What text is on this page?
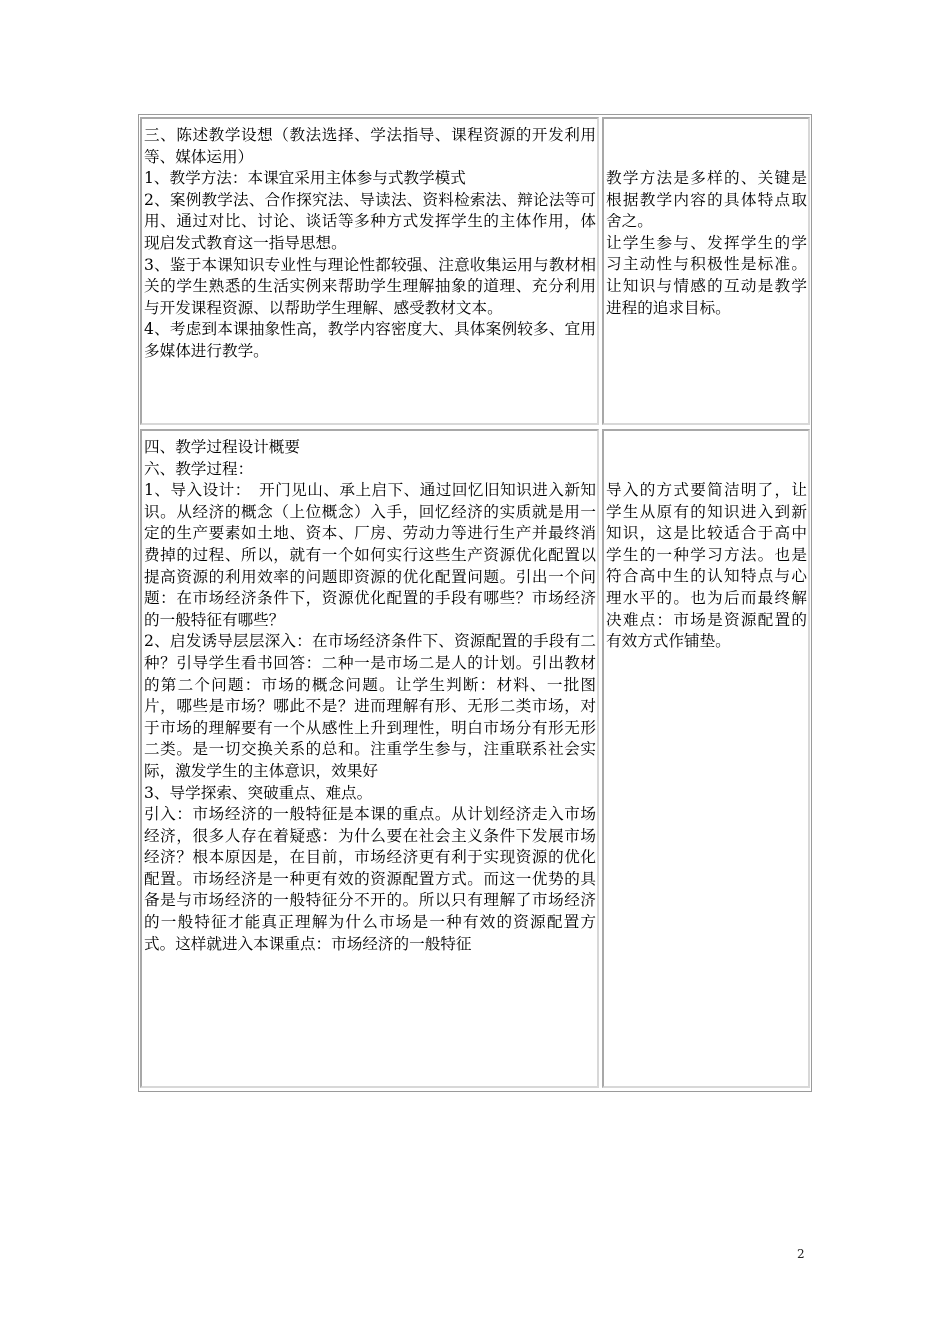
三、陈述教学设想（教法选择、学法指导、课程资源的开发利用等、媒体运用）

1、教学方法：本课宜采用主体参与式教学模式

2、案例教学法、合作探究法、导读法、资料检索法、辩论法等可用、通过对比、讨论、谈话等多种方式发挥学生的主体作用，体现启发式教育这一指导思想。

3、鉴于本课知识专业性与理论性都较强、注意收集运用与教材相关的学生熟悉的生活实例来帮助学生理解抽象的道理、充分利用与开发课程资源、以帮助学生理解、感受教材文本。

4、考虑到本课抽象性高，教学内容密度大、具体案例较多、宜用多媒体进行教学。

教学方法是多样的、关键是根据教学内容的具体特点取舍之。

让学生参与、发挥学生的学习主动性与积极性是标准。让知识与情感的互动是教学进程的追求目标。

四、教学过程设计概要

六、教学过程：

1、导入设计：　开门见山、承上启下、通过回忆旧知识进入新知识。从经济的概念（上位概念）入手，回忆经济的实质就是用一定的生产要素如土地、资本、厂房、劳动力等进行生产并最终消费掉的过程、所以，就有一个如何实行这些生产资源优化配置以提高资源的利用效率的问题即资源的优化配置问题。引出一个问题：在市场经济条件下，资源优化配置的手段有哪些？市场经济的一般特征有哪些？

2、启发诱导层层深入：在市场经济条件下、资源配置的手段有二种？引导学生看书回答：二种一是市场二是人的计划。引出教材的第二个问题：市场的概念问题。让学生判断：材料、一批图片，哪些是市场？哪此不是？进而理解有形、无形二类市场，对于市场的理解要有一个从感性上升到理性，明白市场分有形无形二类。是一切交换关系的总和。注重学生参与，注重联系社会实际，激发学生的主体意识，效果好

3、导学探索、突破重点、难点。

引入：市场经济的一般特征是本课的重点。从计划经济走入市场经济，很多人存在着疑惑：为什么要在社会主义条件下发展市场经济？根本原因是，在目前，市场经济更有利于实现资源的优化配置。市场经济是一种更有效的资源配置方式。而这一优势的具备是与市场经济的一般特征分不开的。所以只有理解了市场经济的一般特征才能真正理解为什么市场是一种有效的资源配置方式。这样就进入本课重点：市场经济的一般特征

导入的方式要简洁明了，让学生从原有的知识进入到新知识，这是比较适合于高中学生的一种学习方法。也是符合高中生的认知特点与心理水平的。也为后而最终解决难点：市场是资源配置的有效方式作铺垫。

2
